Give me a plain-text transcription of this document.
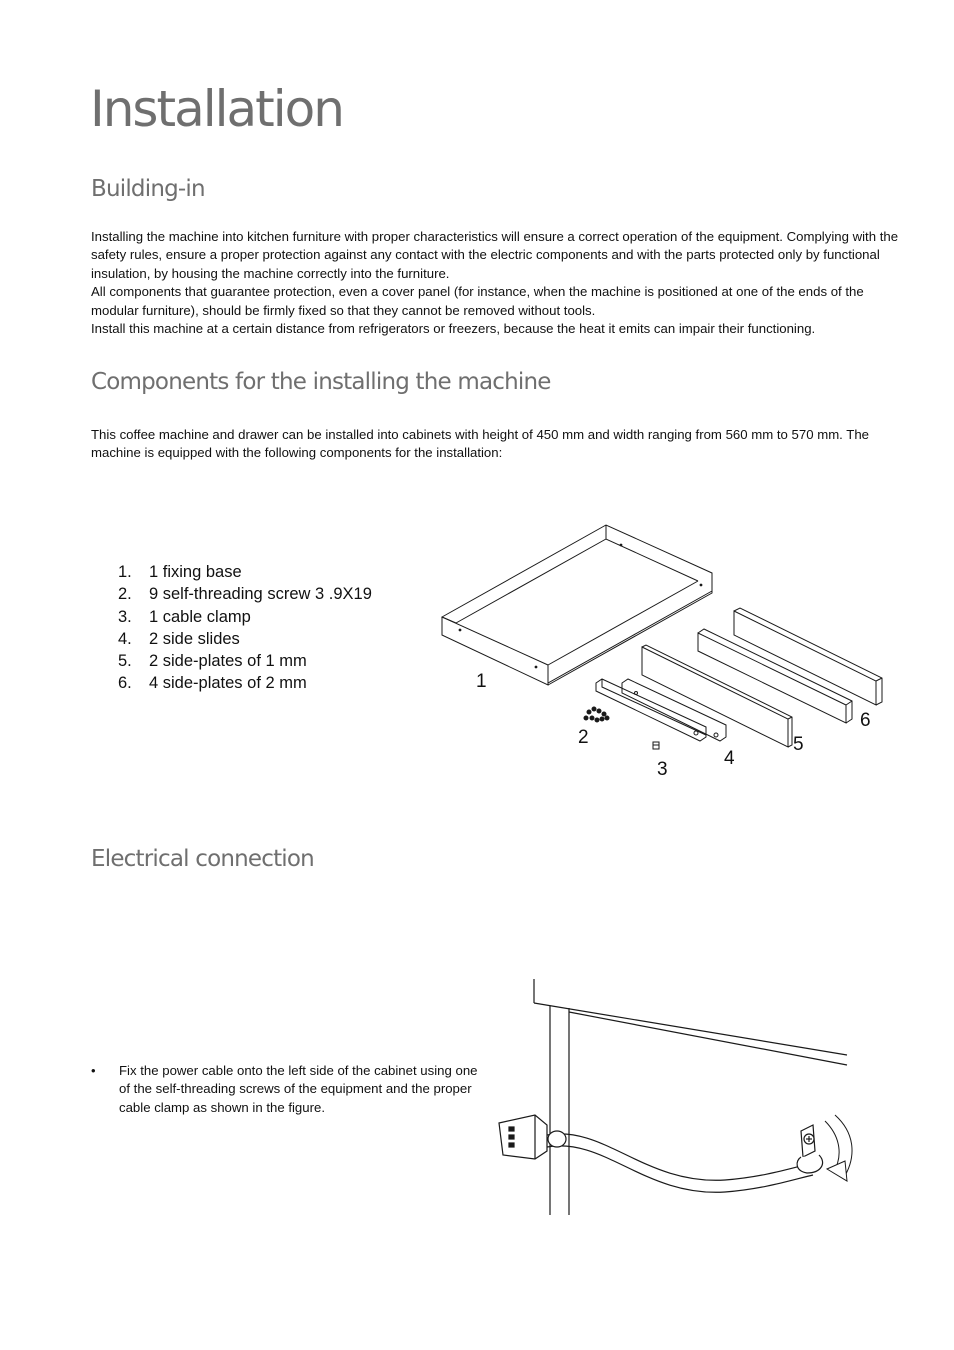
Installation
Building-in

Installing the machine into kitchen furniture with proper characteristics will ensure a correct operation of the equipment. Complying with the safety rules, ensure a proper protection against any contact with the electric components and with the parts protected only by functional insulation, by housing the machine correctly into the furniture.

All components that guarantee protection, even a cover panel (for instance, when the machine is positioned at one of the ends of the modular furniture), should be firmly fixed so that they cannot be removed without tools.

Install this machine at a certain distance from refrigerators or freezers, because the heat it emits can impair their functioning.

Components for the installing the machine

This coffee machine and drawer can be installed into cabinets with height of 450 mm and width ranging from 560 mm to 570 mm. The machine is equipped with the following components for the installation:

1.	1 fixing base
2.	9 self-threading screw 3 .9X19
3.	1 cable clamp
4.	2 side slides
5.	2 side-plates of 1 mm
6.	4 side-plates of 2 mm	1
2
3
4
5
6
Electrical connection
•	Fix the power cable onto the left side of the cabinet using one of the self-threading screws of the equipment and the proper cable clamp as shown in the figure.
